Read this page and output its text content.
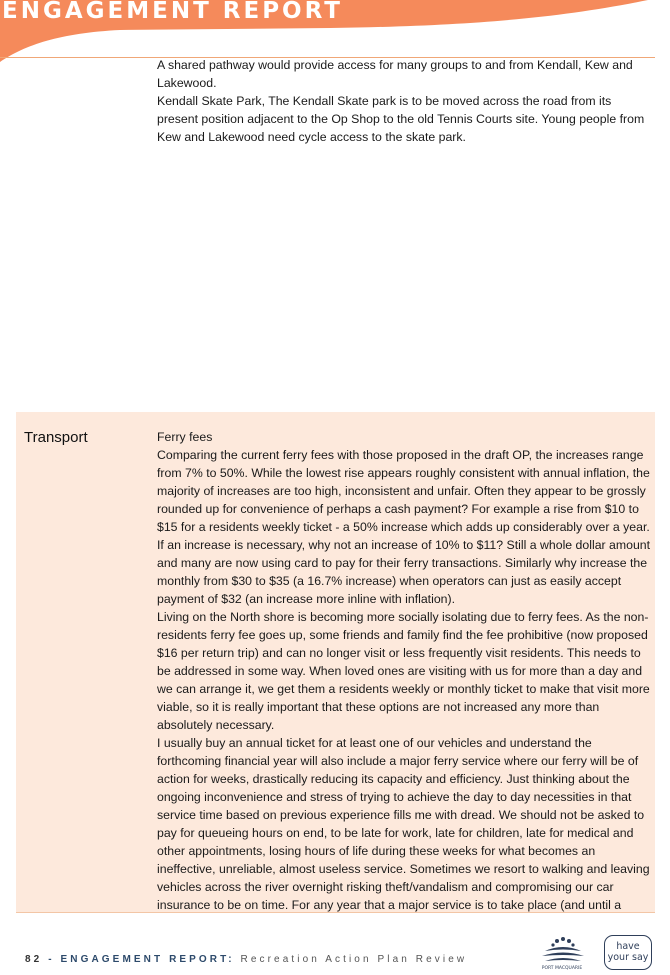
ENGAGEMENT REPORT

A shared pathway would provide access for many groups to and from Kendall, Kew and Lakewood.

Kendall Skate Park, The Kendall Skate park is to be moved across the road from its present position adjacent to the Op Shop to the old Tennis Courts site. Young people from Kew and Lakewood need cycle access to the skate park.

Transport	Ferry fees

Comparing the current ferry fees with those proposed in the draft OP, the increases range from 7% to 50%. While the lowest rise appears roughly consistent with annual inflation, the majority of increases are too high, inconsistent and unfair. Often they appear to be grossly rounded up for convenience of perhaps a cash payment? For example a rise from $10 to $15 for a residents weekly ticket - a 50% increase which adds up considerably over a year. If an increase is necessary, why not an increase of 10% to $11? Still a whole dollar amount and many are now using card to pay for their ferry transactions. Similarly why increase the monthly from $30 to $35 (a 16.7% increase) when operators can just as easily accept payment of $32 (an increase more inline with inflation).

Living on the North shore is becoming more socially isolating due to ferry fees. As the non-residents ferry fee goes up, some friends and family find the fee prohibitive (now proposed $16 per return trip) and can no longer visit or less frequently visit residents. This needs to be addressed in some way. When loved ones are visiting with us for more than a day and we can arrange it, we get them a residents weekly or monthly ticket to make that visit more viable, so it is really important that these options are not increased any more than absolutely necessary.

I usually buy an annual ticket for at least one of our vehicles and understand the forthcoming financial year will also include a major ferry service where our ferry will be of action for weeks, drastically reducing its capacity and efficiency. Just thinking about the ongoing inconvenience and stress of trying to achieve the day to day necessities in that service time based on previous experience fills me with dread. We should not be asked to pay for queueing hours on end, to be late for work, late for children, late for medical and other appointments, losing hours of life during these weeks for what becomes an ineffective, unreliable, almost useless service. Sometimes we resort to walking and leaving vehicles across the river overnight risking theft/vandalism and compromising our car insurance to be on time. For any year that a major service is to take place (and until a

82 - ENGAGEMENT REPORT: Recreation Action Plan Review
PORT MACQUARIE
have
your say
